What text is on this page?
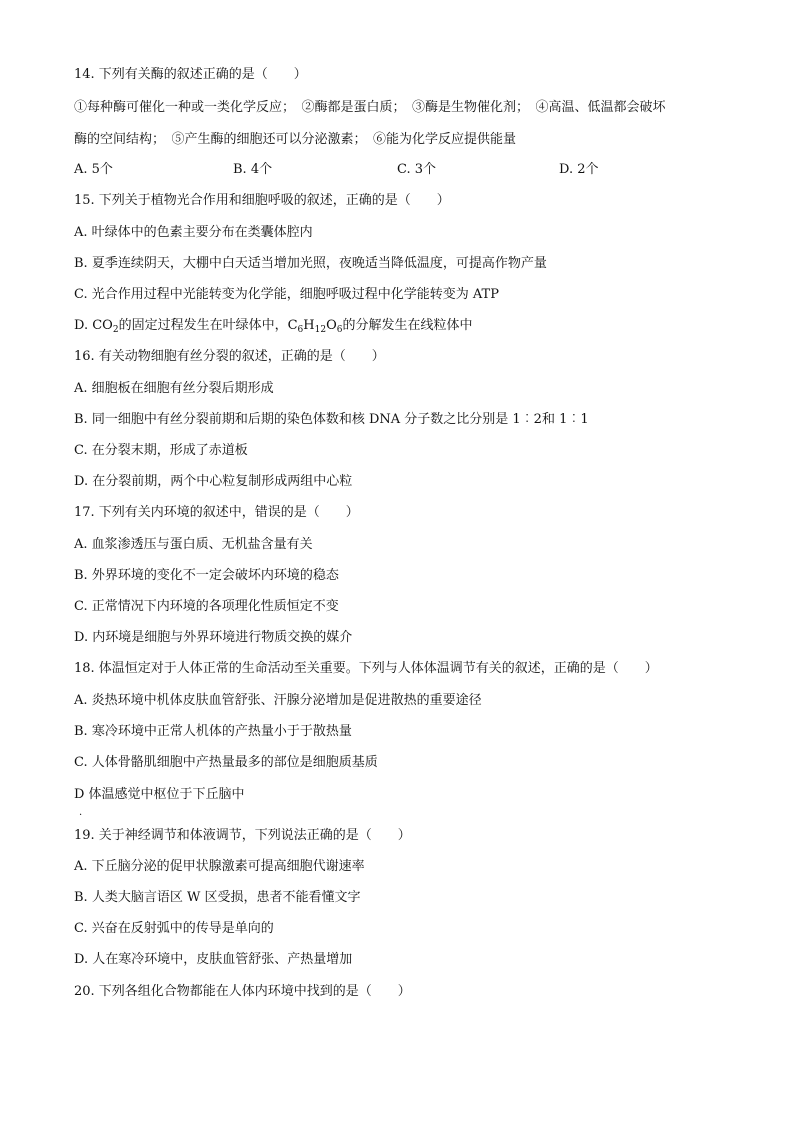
14. 下列有关酶的叙述正确的是（　　）
①每种酶可催化一种或一类化学反应；　②酶都是蛋白质；　③酶是生物催化剂；　④高温、低温都会破坏
酶的空间结构；　⑤产生酶的细胞还可以分泌激素；　⑥能为化学反应提供能量
A. 5个	B. 4个	C. 3个	D. 2个
15. 下列关于植物光合作用和细胞呼吸的叙述，正确的是（　　）
A. 叶绿体中的色素主要分布在类囊体腔内
B. 夏季连续阴天，大棚中白天适当增加光照，夜晚适当降低温度，可提高作物产量
C. 光合作用过程中光能转变为化学能，细胞呼吸过程中化学能转变为 ATP
D. $CO_2$的固定过程发生在叶绿体中，$C_6H_{12}O_6$的分解发生在线粒体中
16. 有关动物细胞有丝分裂的叙述，正确的是（　　）
A. 细胞板在细胞有丝分裂后期形成
B. 同一细胞中有丝分裂前期和后期的染色体数和核 DNA 分子数之比分别是 1︰2和 1︰1
C. 在分裂末期，形成了赤道板
D. 在分裂前期，两个中心粒复制形成两组中心粒
17. 下列有关内环境的叙述中，错误的是（　　）
A. 血浆渗透压与蛋白质、无机盐含量有关
B. 外界环境的变化不一定会破坏内环境的稳态
C. 正常情况下内环境的各项理化性质恒定不变
D. 内环境是细胞与外界环境进行物质交换的媒介
18. 体温恒定对于人体正常的生命活动至关重要。下列与人体体温调节有关的叙述，正确的是（　　）
A. 炎热环境中机体皮肤血管舒张、汗腺分泌增加是促进散热的重要途径
B. 寒冷环境中正常人机体的产热量小于于散热量
C. 人体骨骼肌细胞中产热量最多的部位是细胞质基质
D 体温感觉中枢位于下丘脑中
.
19. 关于神经调节和体液调节，下列说法正确的是（　　）
A. 下丘脑分泌的促甲状腺激素可提高细胞代谢速率
B. 人类大脑言语区 W 区受损，患者不能看懂文字
C. 兴奋在反射弧中的传导是单向的
D. 人在寒冷环境中，皮肤血管舒张、产热量增加
20. 下列各组化合物都能在人体内环境中找到的是（　　）
